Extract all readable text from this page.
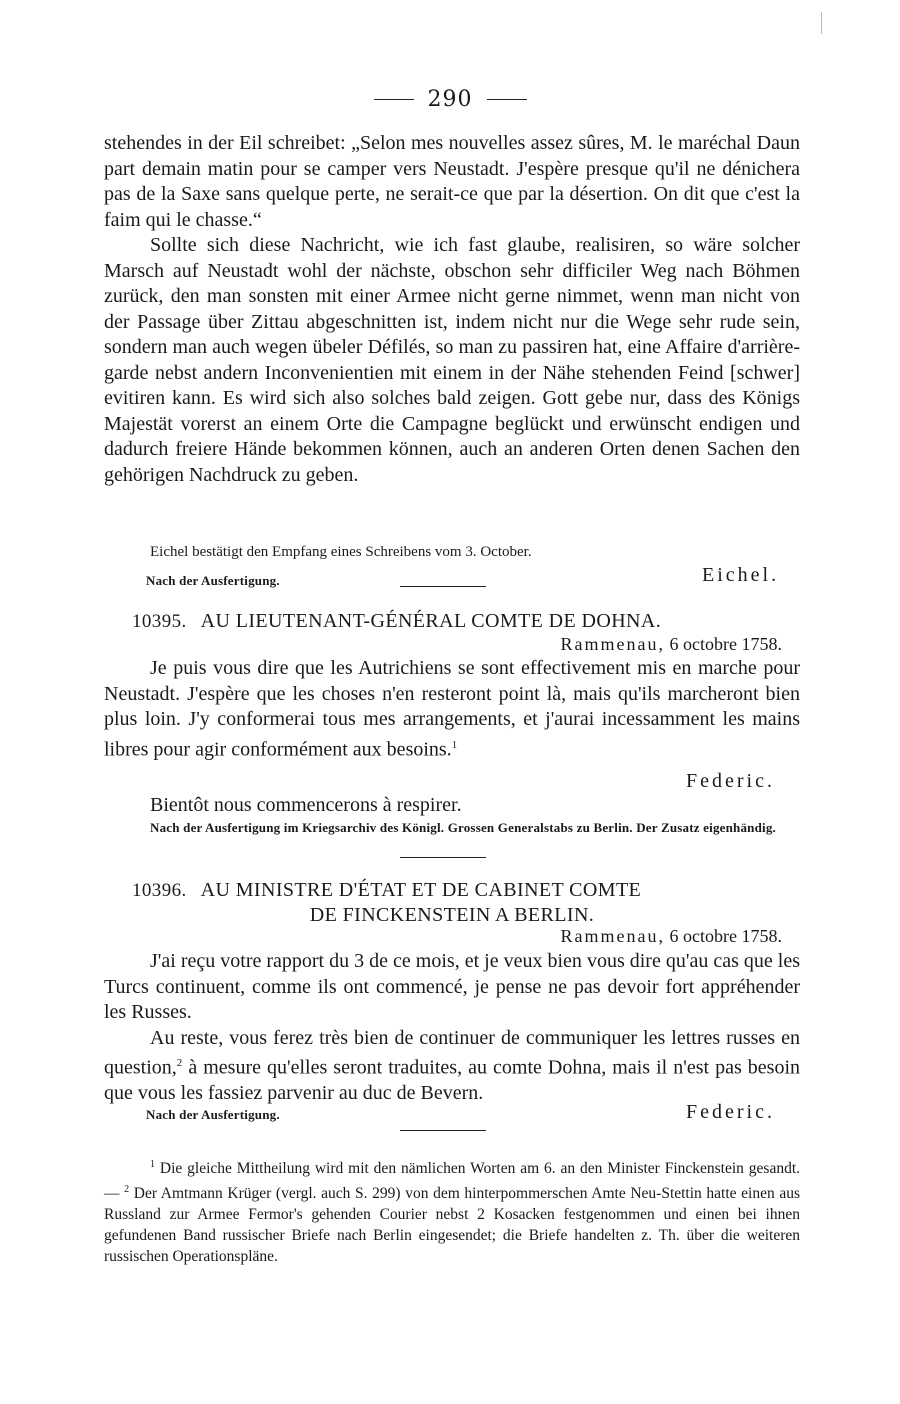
290

stehendes in der Eil schreibet: „Selon mes nouvelles assez sûres, M. le maréchal Daun part demain matin pour se camper vers Neustadt. J'espère presque qu'il ne dénichera pas de la Saxe sans quelque perte, ne serait-ce que par la désertion. On dit que c'est la faim qui le chasse.“

Sollte sich diese Nachricht, wie ich fast glaube, realisiren, so wäre solcher Marsch auf Neustadt wohl der nächste, obschon sehr difficiler Weg nach Böhmen zurück, den man sonsten mit einer Armee nicht gerne nimmet, wenn man nicht von der Passage über Zittau abgeschnitten ist, indem nicht nur die Wege sehr rude sein, sondern man auch wegen übeler Défilés, so man zu passiren hat, eine Affaire d'arrière-garde nebst andern Inconvenientien mit einem in der Nähe stehenden Feind [schwer] evitiren kann. Es wird sich also solches bald zeigen. Gott gebe nur, dass des Königs Majestät vorerst an einem Orte die Campagne beglückt und erwünscht endigen und dadurch freiere Hände bekommen können, auch an anderen Orten denen Sachen den gehörigen Nachdruck zu geben.

Eichel bestätigt den Empfang eines Schreibens vom 3. October.
Nach der Ausfertigung.	Eichel.
10395. AU LIEUTENANT-GÉNÉRAL COMTE DE DOHNA.
Rammenau, 6 octobre 1758.

Je puis vous dire que les Autrichiens se sont effectivement mis en marche pour Neustadt. J'espère que les choses n'en resteront point là, mais qu'ils marcheront bien plus loin. J'y conformerai tous mes arrangements, et j'aurai incessamment les mains libres pour agir conformément aux besoins.$^1$

Federic.
Bientôt nous commencerons à respirer.
Nach der Ausfertigung im Kriegsarchiv des Königl. Grossen Generalstabs zu Berlin. Der Zusatz eigenhändig.
10396. AU MINISTRE D'ÉTAT ET DE CABINET COMTE
DE FINCKENSTEIN A BERLIN.
Rammenau, 6 octobre 1758.

J'ai reçu votre rapport du 3 de ce mois, et je veux bien vous dire qu'au cas que les Turcs continuent, comme ils ont commencé, je pense ne pas devoir fort appréhender les Russes.

Au reste, vous ferez très bien de continuer de communiquer les lettres russes en question,$^2$ à mesure qu'elles seront traduites, au comte Dohna, mais il n'est pas besoin que vous les fassiez parvenir au duc de Bevern.

Nach der Ausfertigung.	Federic.

$^1$ Die gleiche Mittheilung wird mit den nämlichen Worten am 6. an den Minister Finckenstein gesandt. — $^2$ Der Amtmann Krüger (vergl. auch S. 299) von dem hinterpommerschen Amte Neu-Stettin hatte einen aus Russland zur Armee Fermor's gehenden Courier nebst 2 Kosacken festgenommen und einen bei ihnen gefundenen Band russischer Briefe nach Berlin eingesendet; die Briefe handelten z. Th. über die weiteren russischen Operationspläne.
